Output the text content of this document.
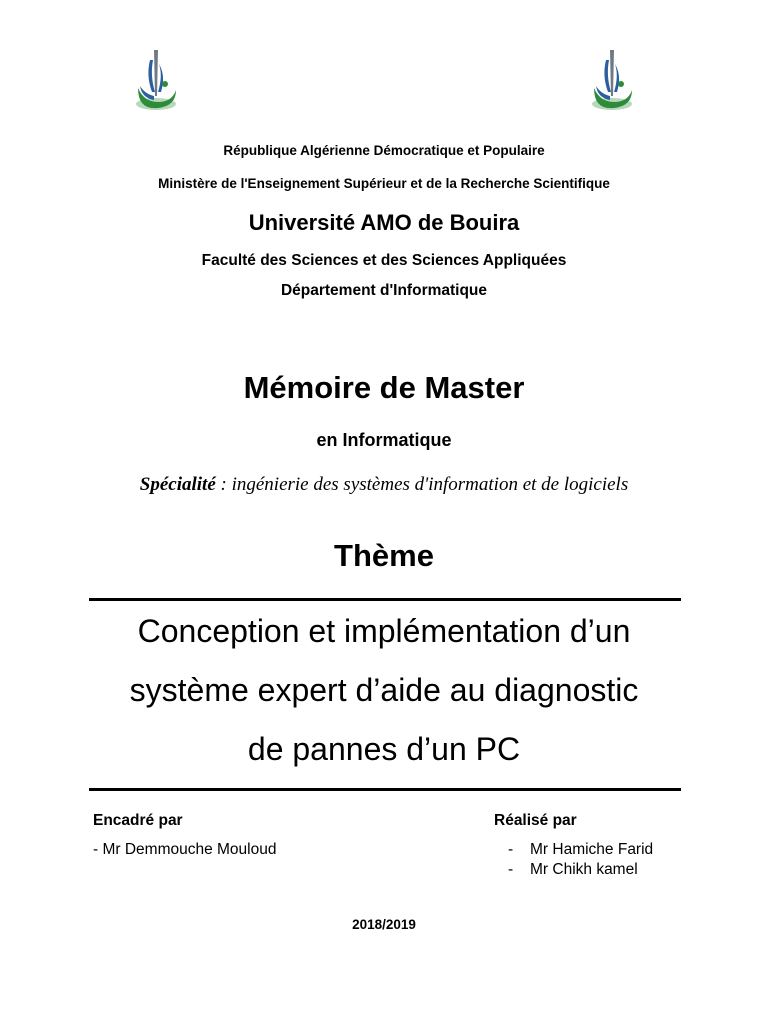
République Algérienne Démocratique et Populaire
Ministère de l'Enseignement Supérieur et de la Recherche Scientifique
Université AMO de Bouira
Faculté des Sciences et des Sciences Appliquées
Département d'Informatique
Mémoire de Master
en Informatique
Spécialité : ingénierie des systèmes d'information et de logiciels
Thème
Conception et implémentation d’un
système expert d’aide au diagnostic
de pannes d’un PC
Encadré par
- Mr Demmouche Mouloud
Réalisé par
- Mr Hamiche Farid
- Mr Chikh kamel
2018/2019
